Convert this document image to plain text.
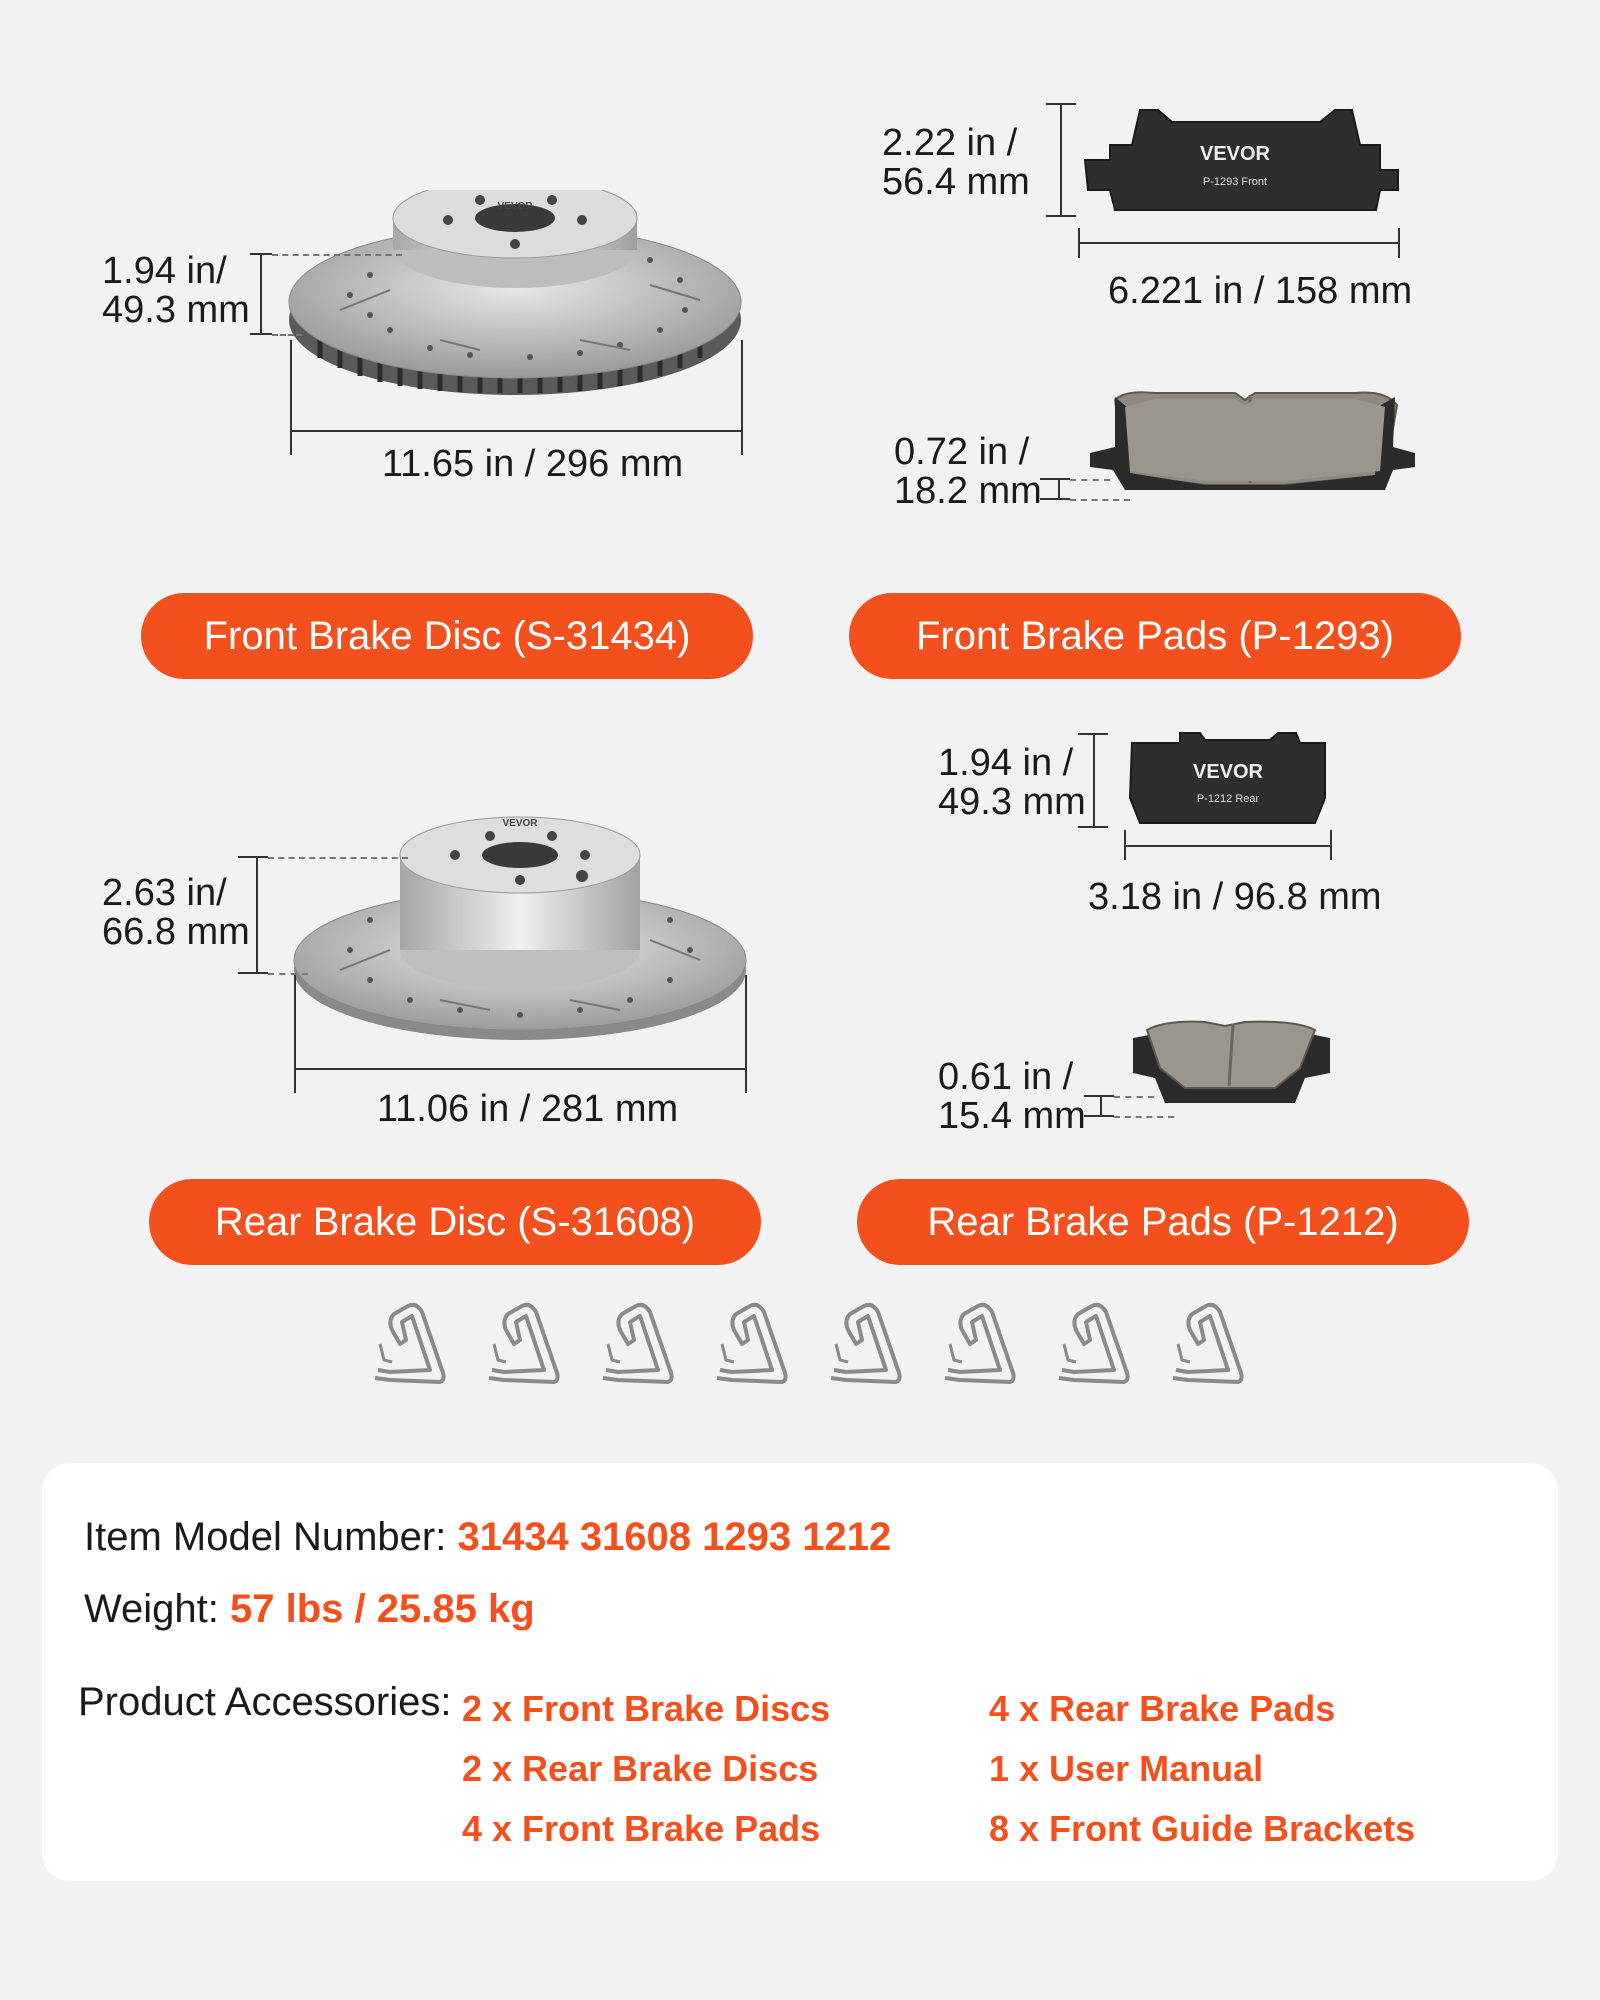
VEVOR
1.94 in/
49.3 mm
11.65 in / 296 mm
Front Brake Disc (S-31434)
VEVOR
P-1293 Front
2.22 in /
56.4 mm
6.221 in / 158 mm
0.72 in /
18.2 mm
Front Brake Pads (P-1293)
VEVOR
2.63 in/
66.8 mm
11.06 in / 281 mm
Rear Brake Disc (S-31608)
VEVOR
P-1212 Rear
1.94 in /
49.3 mm
3.18 in / 96.8 mm
0.61 in /
15.4 mm
Rear Brake Pads (P-1212)
Item Model Number: 31434 31608 1293 1212
Weight: 57 lbs / 25.85 kg
Product Accessories: 2 x Front Brake Discs
2 x Rear Brake Discs
4 x Front Brake Pads
4 x Rear Brake Pads
1 x User Manual
8 x Front Guide Brackets
